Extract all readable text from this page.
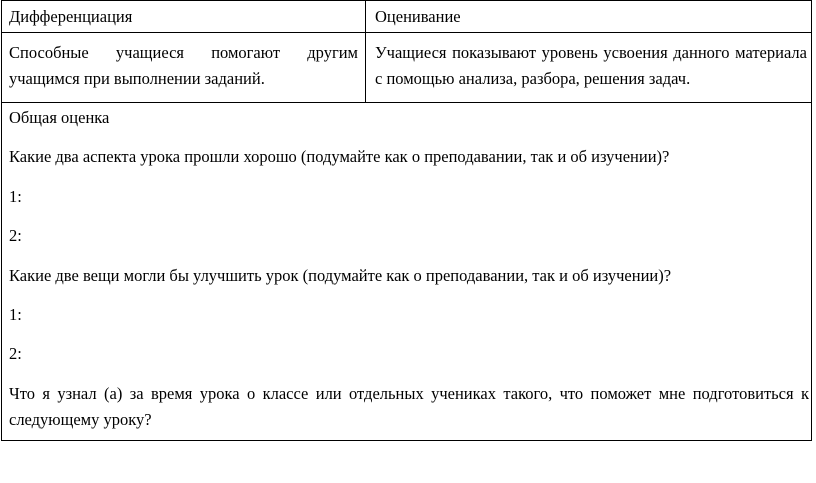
Дифференциация	Оценивание
Способные учащиеся помогают другим учащимся при выполнении заданий.
Учащиеся показывают уровень усвоения данного материала с помощью анализа, разбора, решения задач.
Общая оценка
Какие два аспекта урока прошли хорошо (подумайте как о преподавании, так и об изучении)?
1:
2:
Какие две вещи могли бы улучшить урок (подумайте как о преподавании, так и об изучении)?
1:
2:
Что я узнал (а) за время урока о классе или отдельных учениках такого, что поможет мне подготовиться к следующему уроку?
